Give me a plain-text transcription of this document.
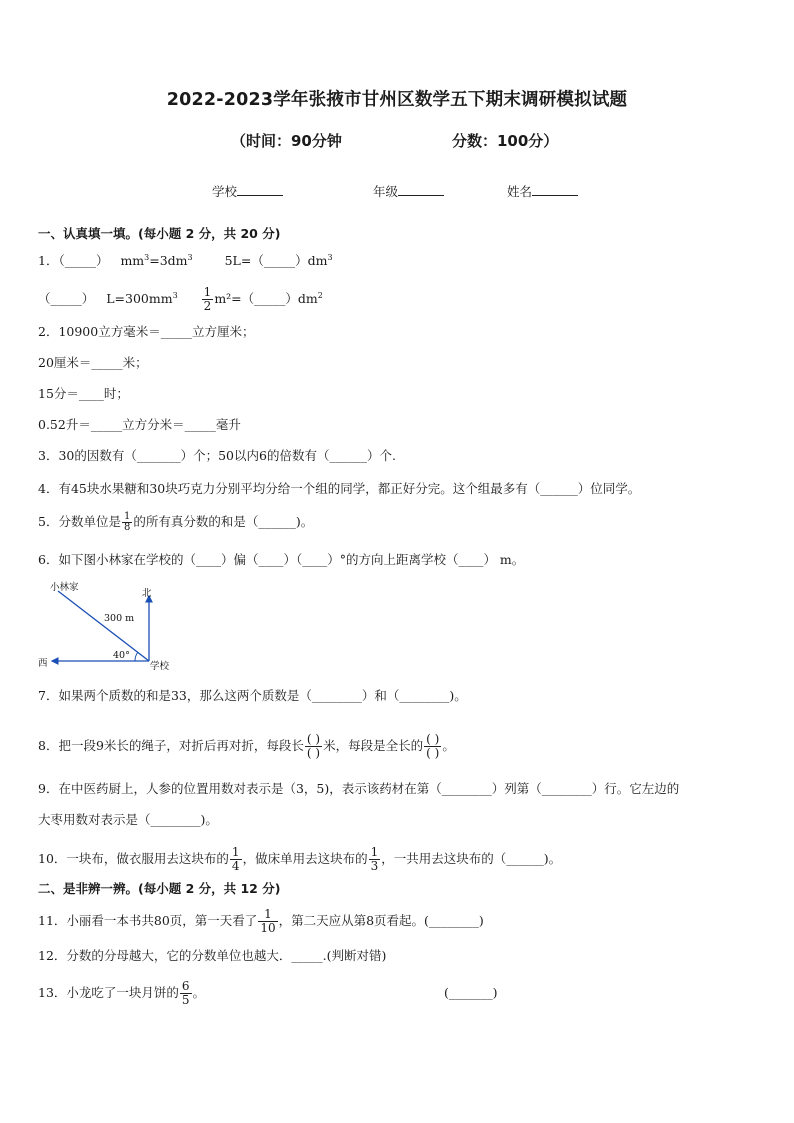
2022-2023学年张掖市甘州区数学五下期末调研模拟试题
（时间：90分钟	分数：100分）
学校	年级	姓名
一、认真填一填。(每小题 2 分，共 20 分)
1．（_____） $mm^3=3dm^3$	$5L=(\_\_\_\_\_)dm^3$
（_____） $L=300mm^3 \frac{1}{2}$ $m^2=(\_\_\_\_\_)dm^2$
2．10900立方毫米＝_____立方厘米；
20厘米＝_____米；
15分＝____时；
0.52升＝_____立方分米＝_____毫升
3．30的因数有（_______）个；50以内6的倍数有（______）个.
4．有45块水果糖和30块巧克力分别平均分给一个组的同学，都正好分完。这个组最多有（______）位同学。
5．分数单位是 $\frac{1}{8}$ 的所有真分数的和是（______)。
6．如下图小林家在学校的（____）偏（____）（____）°的方向上距离学校（____） m。
小林家
北
西	学校
300 m
40°
7．如果两个质数的和是33，那么这两个质数是（________）和（________)。
8．把一段9米长的绳子，对折后再对折，每段长 $\frac{( )}{( )}$ 米，每段是全长的 $\frac{( )}{( )}$ 。
9．在中医药厨上，人参的位置用数对表示是（3，5)，表示该药材在第（________）列第（________）行。它左边的
大枣用数对表示是（________)。
10．一块布，做衣服用去这块布的 $\frac{1}{4}$ ，做床单用去这块布的 $\frac{1}{3}$ ，一共用去这块布的（______)。
二、是非辨一辨。(每小题 2 分，共 12 分)
11．小丽看一本书共80页，第一天看了 $\frac{1}{10}$ ，第二天应从第8页看起。(________)
12．分数的分母越大，它的分数单位也越大．_____.(判断对错)
13．小龙吃了一块月饼的 $\frac{6}{5}$ 。	(_______)
